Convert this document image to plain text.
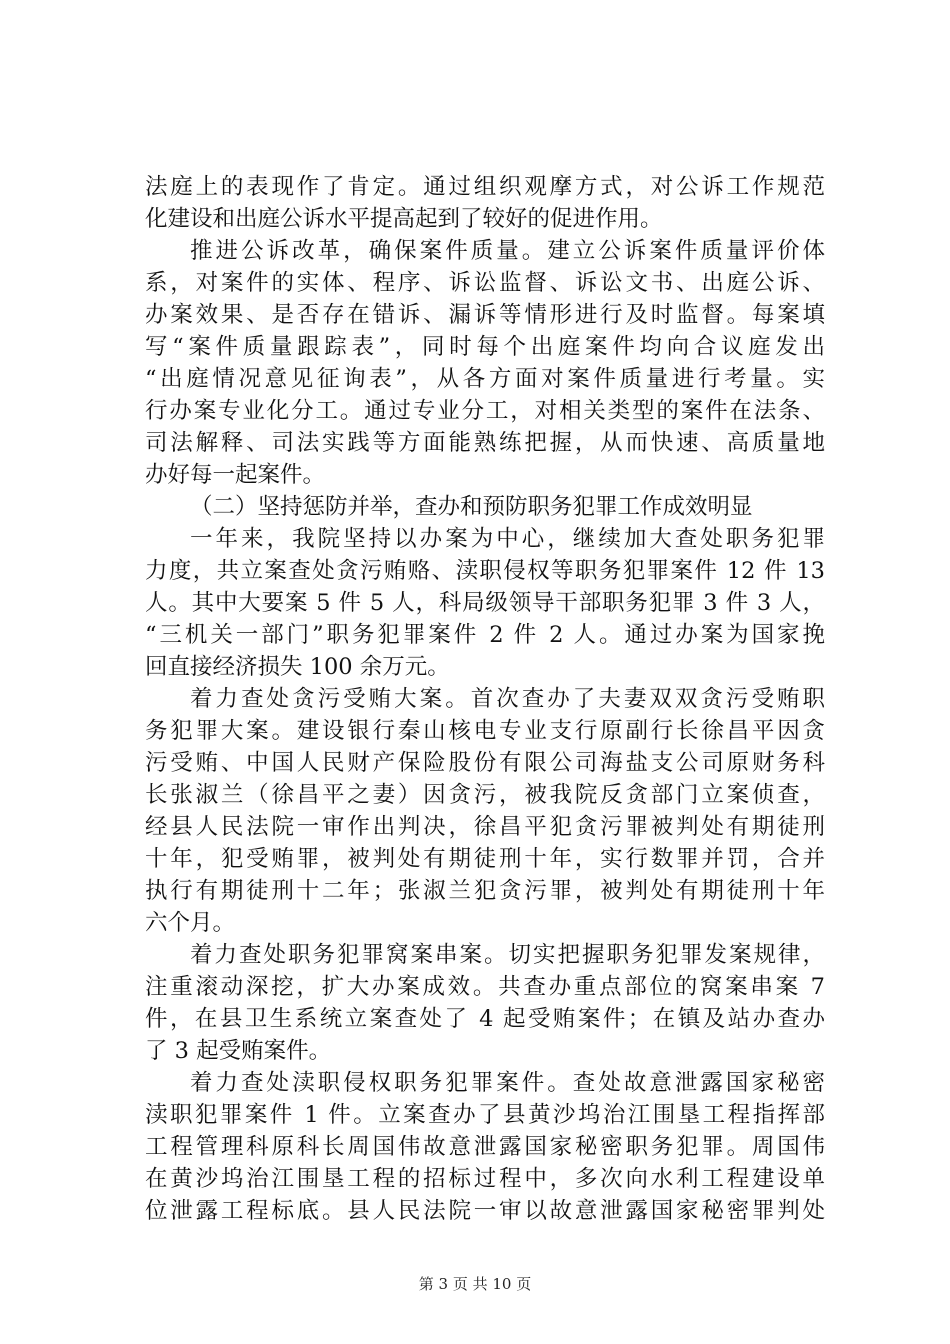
法庭上的表现作了肯定。通过组织观摩方式，对公诉工作规范
化建设和出庭公诉水平提高起到了较好的促进作用。
推进公诉改革，确保案件质量。建立公诉案件质量评价体
系，对案件的实体、程序、诉讼监督、诉讼文书、出庭公诉、
办案效果、是否存在错诉、漏诉等情形进行及时监督。每案填
写“案件质量跟踪表”，同时每个出庭案件均向合议庭发出
“出庭情况意见征询表”，从各方面对案件质量进行考量。实
行办案专业化分工。通过专业分工，对相关类型的案件在法条、
司法解释、司法实践等方面能熟练把握，从而快速、高质量地
办好每一起案件。
（二）坚持惩防并举，查办和预防职务犯罪工作成效明显
一年来，我院坚持以办案为中心，继续加大查处职务犯罪
力度，共立案查处贪污贿赂、渎职侵权等职务犯罪案件 12 件 13
人。其中大要案 5 件 5 人，科局级领导干部职务犯罪 3 件 3 人，
“三机关一部门”职务犯罪案件 2 件 2 人。通过办案为国家挽
回直接经济损失 100 余万元。
着力查处贪污受贿大案。首次查办了夫妻双双贪污受贿职
务犯罪大案。建设银行秦山核电专业支行原副行长徐昌平因贪
污受贿、中国人民财产保险股份有限公司海盐支公司原财务科
长张淑兰（徐昌平之妻）因贪污，被我院反贪部门立案侦查，
经县人民法院一审作出判决，徐昌平犯贪污罪被判处有期徒刑
十年，犯受贿罪，被判处有期徒刑十年，实行数罪并罚，合并
执行有期徒刑十二年；张淑兰犯贪污罪，被判处有期徒刑十年
六个月。
着力查处职务犯罪窝案串案。切实把握职务犯罪发案规律，
注重滚动深挖，扩大办案成效。共查办重点部位的窝案串案 7
件，在县卫生系统立案查处了 4 起受贿案件；在镇及站办查办
了 3 起受贿案件。
着力查处渎职侵权职务犯罪案件。查处故意泄露国家秘密
渎职犯罪案件 1 件。立案查办了县黄沙坞治江围垦工程指挥部
工程管理科原科长周国伟故意泄露国家秘密职务犯罪。周国伟
在黄沙坞治江围垦工程的招标过程中，多次向水利工程建设单
位泄露工程标底。县人民法院一审以故意泄露国家秘密罪判处
第 3 页 共 10 页
